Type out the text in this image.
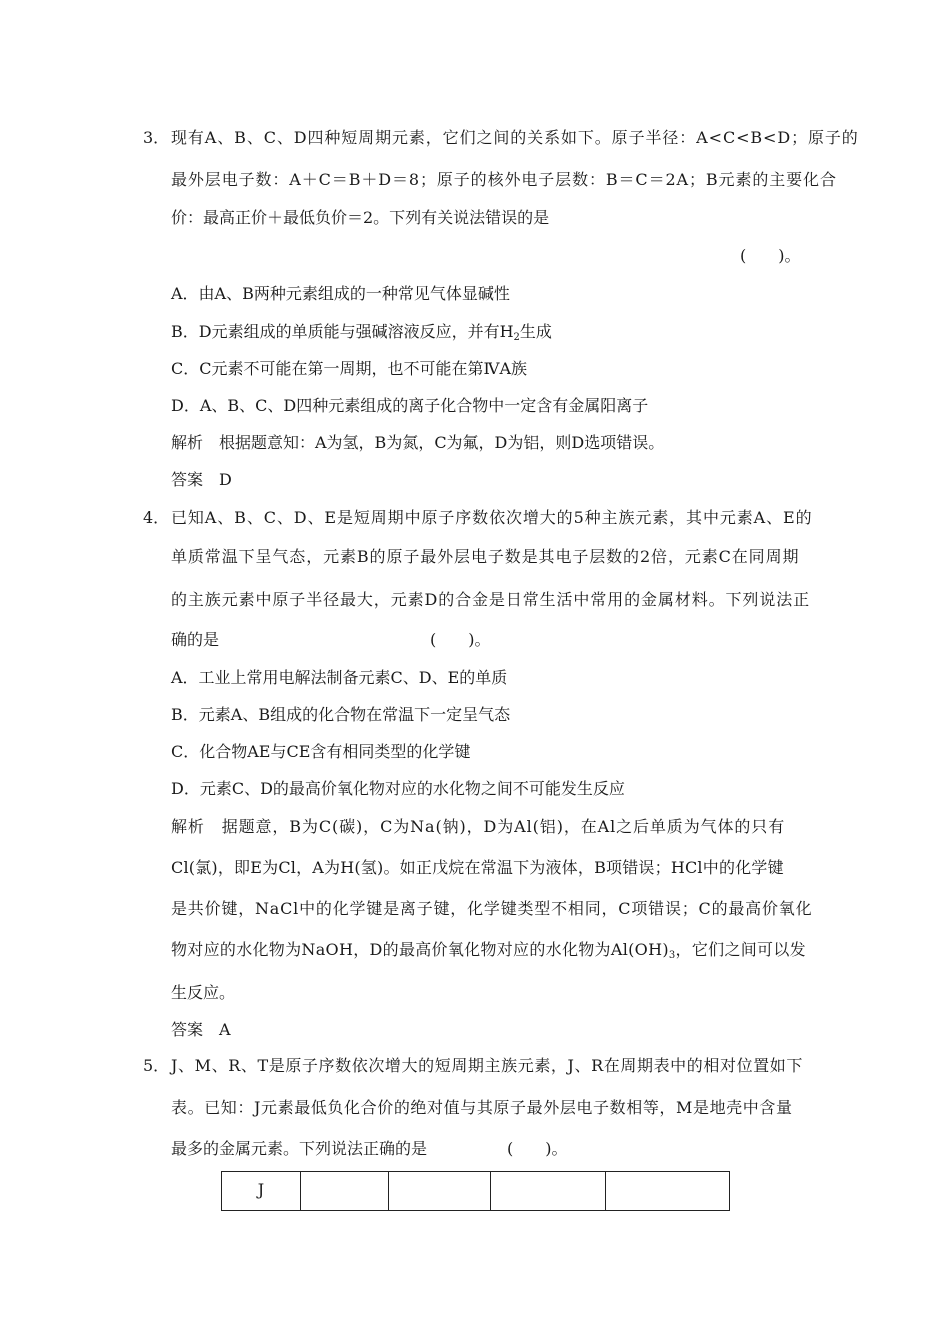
3． 现有A、B、C、D四种短周期元素，它们之间的关系如下。原子半径：A<C<B<D；原子的
最外层电子数：A＋C＝B＋D＝8；原子的核外电子层数：B＝C＝2A；B元素的主要化合
价：最高正价＋最低负价＝2。下列有关说法错误的是
(　　)。
A．由A、B两种元素组成的一种常见气体显碱性
B．D元素组成的单质能与强碱溶液反应，并有$H_2$生成
C．C元素不可能在第一周期，也不可能在第ⅣA族
D．A、B、C、D四种元素组成的离子化合物中一定含有金属阳离子
解析　根据题意知：A为氢，B为氮，C为氟，D为铝，则D选项错误。
答案　D
4． 已知A、B、C、D、E是短周期中原子序数依次增大的5种主族元素，其中元素A、E的
单质常温下呈气态，元素B的原子最外层电子数是其电子层数的2倍，元素C在同周期
的主族元素中原子半径最大，元素D的合金是日常生活中常用的金属材料。下列说法正
确的是	(　　)。
A．工业上常用电解法制备元素C、D、E的单质
B．元素A、B组成的化合物在常温下一定呈气态
C．化合物AE与CE含有相同类型的化学键
D．元素C、D的最高价氧化物对应的水化物之间不可能发生反应
解析　据题意，B为C(碳)，C为Na(钠)，D为Al(铝)，在Al之后单质为气体的只有
Cl(氯)，即E为Cl，A为H(氢)。如正戊烷在常温下为液体，B项错误；HCl中的化学键
是共价键，NaCl中的化学键是离子键，化学键类型不相同，C项错误；C的最高价氧化
物对应的水化物为NaOH，D的最高价氧化物对应的水化物为$Al(OH)_3$，它们之间可以发
生反应。
答案　A
5． J、M、R、T是原子序数依次增大的短周期主族元素，J、R在周期表中的相对位置如下
表。已知：J元素最低负化合价的绝对值与其原子最外层电子数相等，M是地壳中含量
最多的金属元素。下列说法正确的是	(　　)。
J				
